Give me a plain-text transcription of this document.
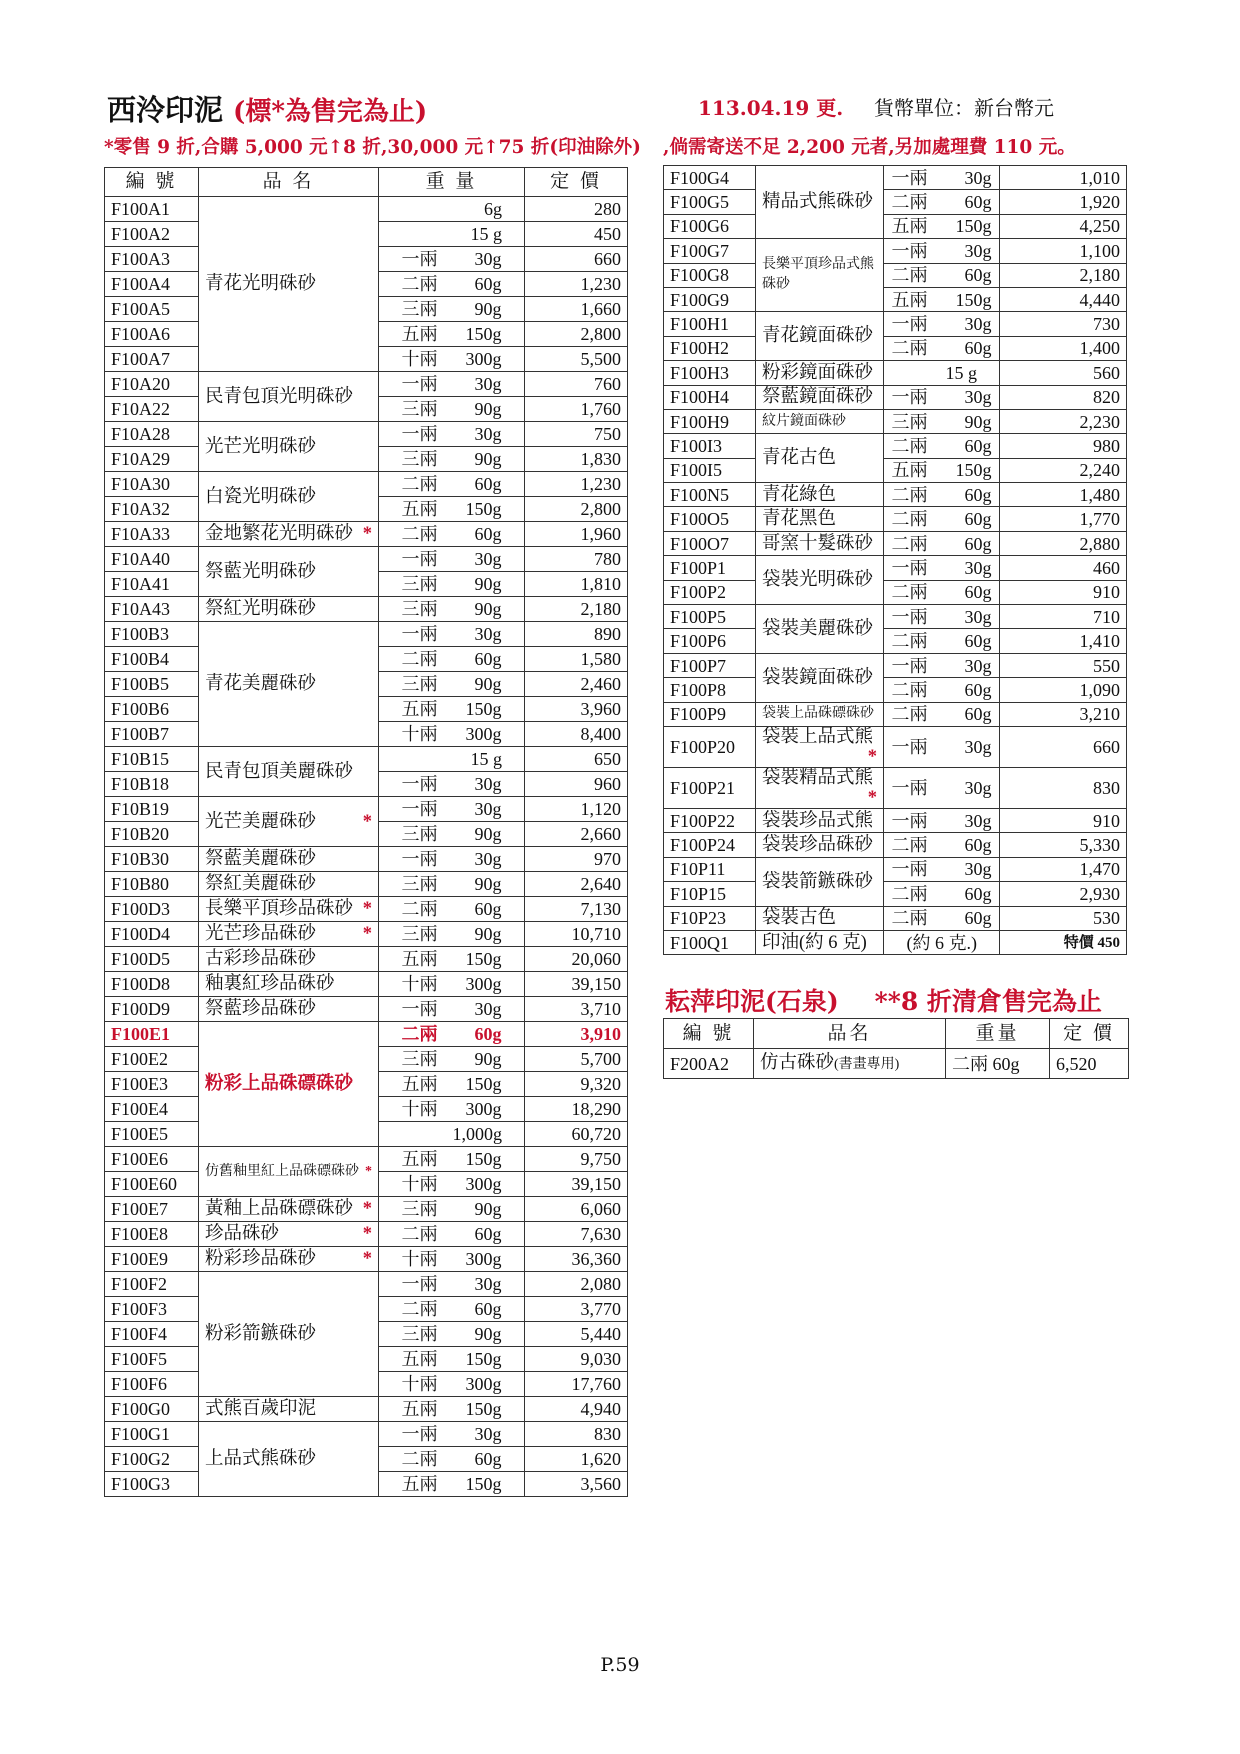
西泠印泥 (標*為售完為止)	113.04.19 更. 貨幣單位：新台幣元
*零售 9 折,合購 5,000 元↑8 折,30,000 元↑75 折(印油除外) ,倘需寄送不足 2,200 元者,另加處理費 110 元。
編 號	品 名	重 量	定 價
F100A1	青花光明硃砂	6g	280
F100A2		15 g	450
F100A3		一兩 30g	660
F100A4		二兩 60g	1,230
F100A5		三兩 90g	1,660
F100A6		五兩 150g	2,800
F100A7		十兩 300g	5,500
F10A20	民青包頂光明硃砂	一兩 30g	760
F10A22		三兩 90g	1,760
F10A28	光芒光明硃砂	一兩 30g	750
F10A29		三兩 90g	1,830
F10A30	白瓷光明硃砂	二兩 60g	1,230
F10A32		五兩 150g	2,800
F10A33	金地繁花光明硃砂 *	二兩 60g	1,960
F10A40	祭藍光明硃砂	一兩 30g	780
F10A41		三兩 90g	1,810
F10A43	祭紅光明硃砂	三兩 90g	2,180
F100B3	青花美麗硃砂	一兩 30g	890
F100B4		二兩 60g	1,580
F100B5		三兩 90g	2,460
F100B6		五兩 150g	3,960
F100B7		十兩 300g	8,400
F10B15	民青包頂美麗硃砂	15 g	650
F10B18		一兩 30g	960
F10B19	光芒美麗硃砂 *	一兩 30g	1,120
F10B20		三兩 90g	2,660
F10B30	祭藍美麗硃砂	一兩 30g	970
F10B80	祭紅美麗硃砂	三兩 90g	2,640
F100D3	長樂平頂珍品硃砂 *	二兩 60g	7,130
F100D4	光芒珍品硃砂 *	三兩 90g	10,710
F100D5	古彩珍品硃砂	五兩 150g	20,060
F100D8	釉裏紅珍品硃砂	十兩 300g	39,150
F100D9	祭藍珍品硃砂	一兩 30g	3,710
F100E1	粉彩上品硃磦硃砂	二兩 60g	3,910
F100E2		三兩 90g	5,700
F100E3		五兩 150g	9,320
F100E4		十兩 300g	18,290
F100E5		1,000g	60,720
F100E6	仿舊釉里紅上品硃磦硃砂 *	五兩 150g	9,750
F100E60		十兩 300g	39,150
F100E7	黃釉上品硃磦硃砂 *	三兩 90g	6,060
F100E8	珍品硃砂 *	二兩 60g	7,630
F100E9	粉彩珍品硃砂 *	十兩 300g	36,360
F100F2	粉彩箭鏃硃砂	一兩 30g	2,080
F100F3		二兩 60g	3,770
F100F4		三兩 90g	5,440
F100F5		五兩 150g	9,030
F100F6		十兩 300g	17,760
F100G0	式熊百歲印泥	五兩 150g	4,940
F100G1	上品式熊硃砂	一兩 30g	830
F100G2		二兩 60g	1,620
F100G3		五兩 150g	3,560
F100G4	精品式熊硃砂	一兩 30g	1,010
F100G5		二兩 60g	1,920
F100G6		五兩 150g	4,250
F100G7	長樂平頂珍品式熊硃砂	一兩 30g	1,100
F100G8		二兩 60g	2,180
F100G9		五兩 150g	4,440
F100H1	青花鏡面硃砂	一兩 30g	730
F100H2		二兩 60g	1,400
F100H3	粉彩鏡面硃砂	15 g	560
F100H4	祭藍鏡面硃砂	一兩 30g	820
F100H9	紋片鏡面硃砂	三兩 90g	2,230
F100I3	青花古色	二兩 60g	980
F100I5		五兩 150g	2,240
F100N5	青花綠色	二兩 60g	1,480
F100O5	青花黑色	二兩 60g	1,770
F100O7	哥窯十髮硃砂	二兩 60g	2,880
F100P1	袋裝光明硃砂	一兩 30g	460
F100P2		二兩 60g	910
F100P5	袋裝美麗硃砂	一兩 30g	710
F100P6		二兩 60g	1,410
F100P7	袋裝鏡面硃砂	一兩 30g	550
F100P8		二兩 60g	1,090
F100P9	袋裝上品硃磦硃砂	二兩 60g	3,210
F100P20	袋裝上品式熊
*	一兩 30g	660
F100P21	袋裝精品式熊
*	一兩 30g	830
F100P22	袋裝珍品式熊	一兩 30g	910
F100P24	袋裝珍品硃砂	二兩 60g	5,330
F10P11	袋裝箭鏃硃砂	一兩 30g	1,470
F10P15		二兩 60g	2,930
F10P23	袋裝古色	二兩 60g	530
F100Q1	印油(約 6 克)	(約 6 克.)	特價 450
耘萍印泥(石泉) **8 折清倉售完為止
編 號	品名	重量	定 價
F200A2	仿古硃砂(書畫專用)	二兩 60g	6,520
P.59
